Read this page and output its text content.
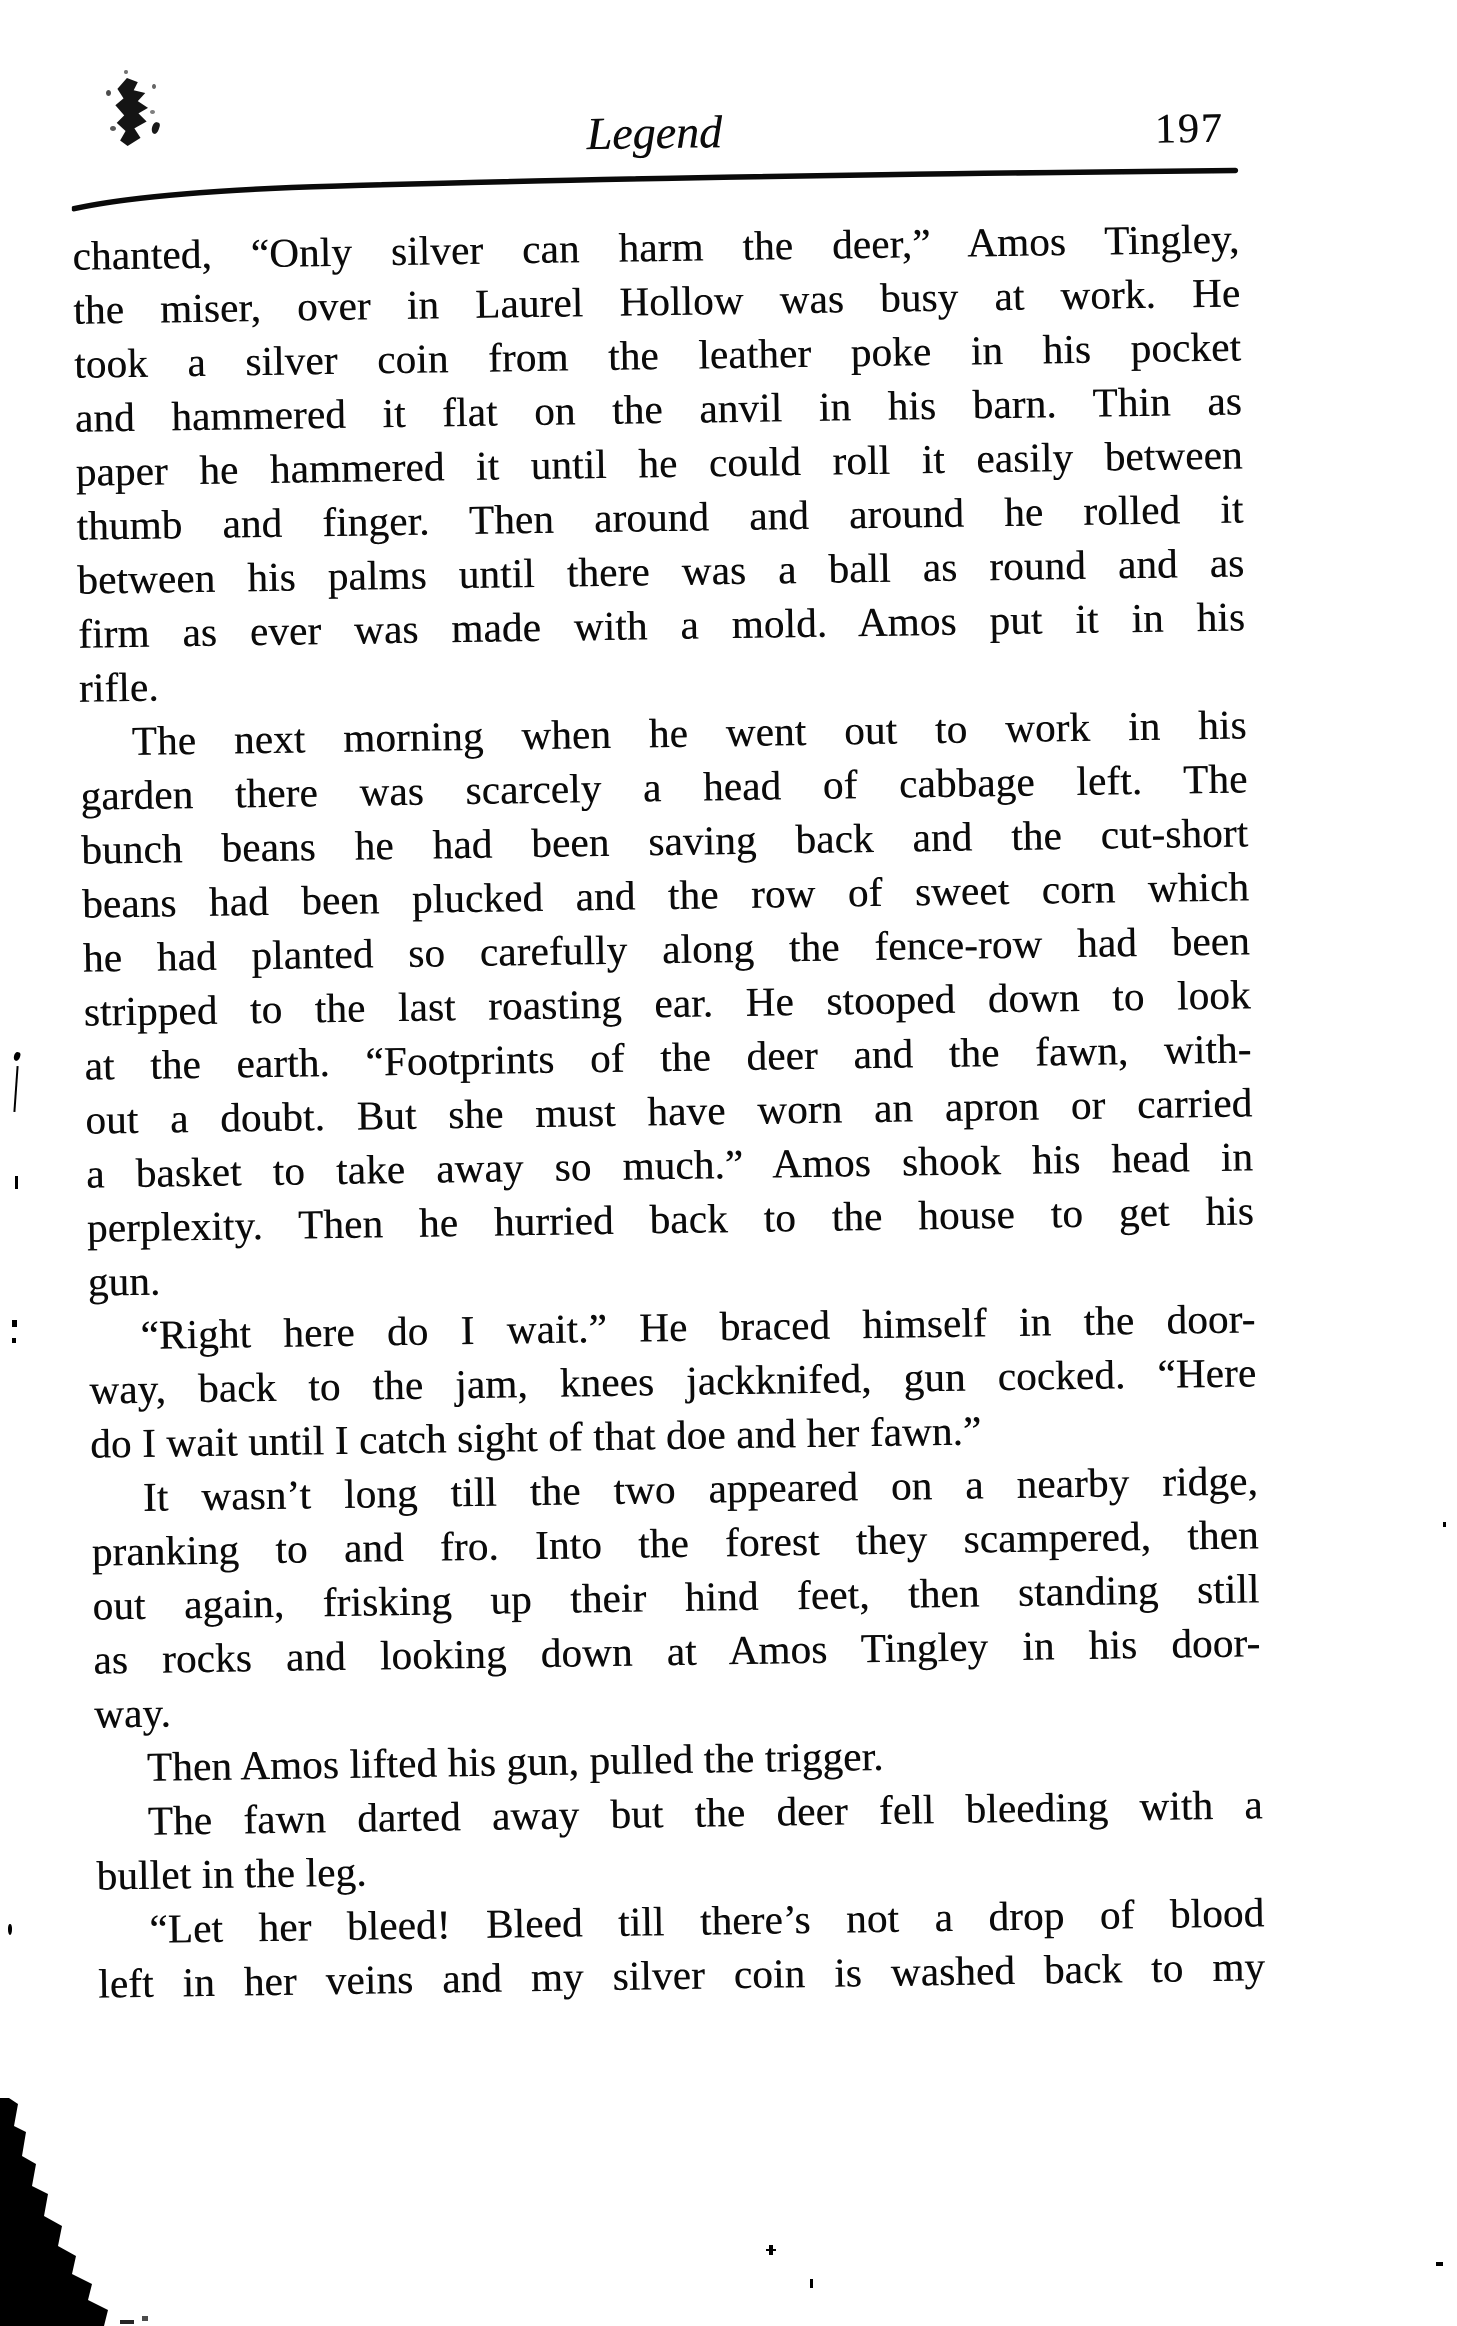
Legend	197
chanted, “Only silver can harm the deer,” Amos Tingley,
the miser, over in Laurel Hollow was busy at work. He
took a silver coin from the leather poke in his pocket
and hammered it flat on the anvil in his barn. Thin as
paper he hammered it until he could roll it easily between
thumb and finger. Then around and around he rolled it
between his palms until there was a ball as round and as
firm as ever was made with a mold. Amos put it in his
rifle.
The next morning when he went out to work in his
garden there was scarcely a head of cabbage left. The
bunch beans he had been saving back and the cut-short
beans had been plucked and the row of sweet corn which
he had planted so carefully along the fence-row had been
stripped to the last roasting ear. He stooped down to look
at the earth. “Footprints of the deer and the fawn, with-
out a doubt. But she must have worn an apron or carried
a basket to take away so much.” Amos shook his head in
perplexity. Then he hurried back to the house to get his
gun.
“Right here do I wait.” He braced himself in the door-
way, back to the jam, knees jackknifed, gun cocked. “Here
do I wait until I catch sight of that doe and her fawn.”
It wasn’t long till the two appeared on a nearby ridge,
pranking to and fro. Into the forest they scampered, then
out again, frisking up their hind feet, then standing still
as rocks and looking down at Amos Tingley in his door-
way.
Then Amos lifted his gun, pulled the trigger.
The fawn darted away but the deer fell bleeding with a
bullet in the leg.
“Let her bleed! Bleed till there’s not a drop of blood
left in her veins and my silver coin is washed back to my
